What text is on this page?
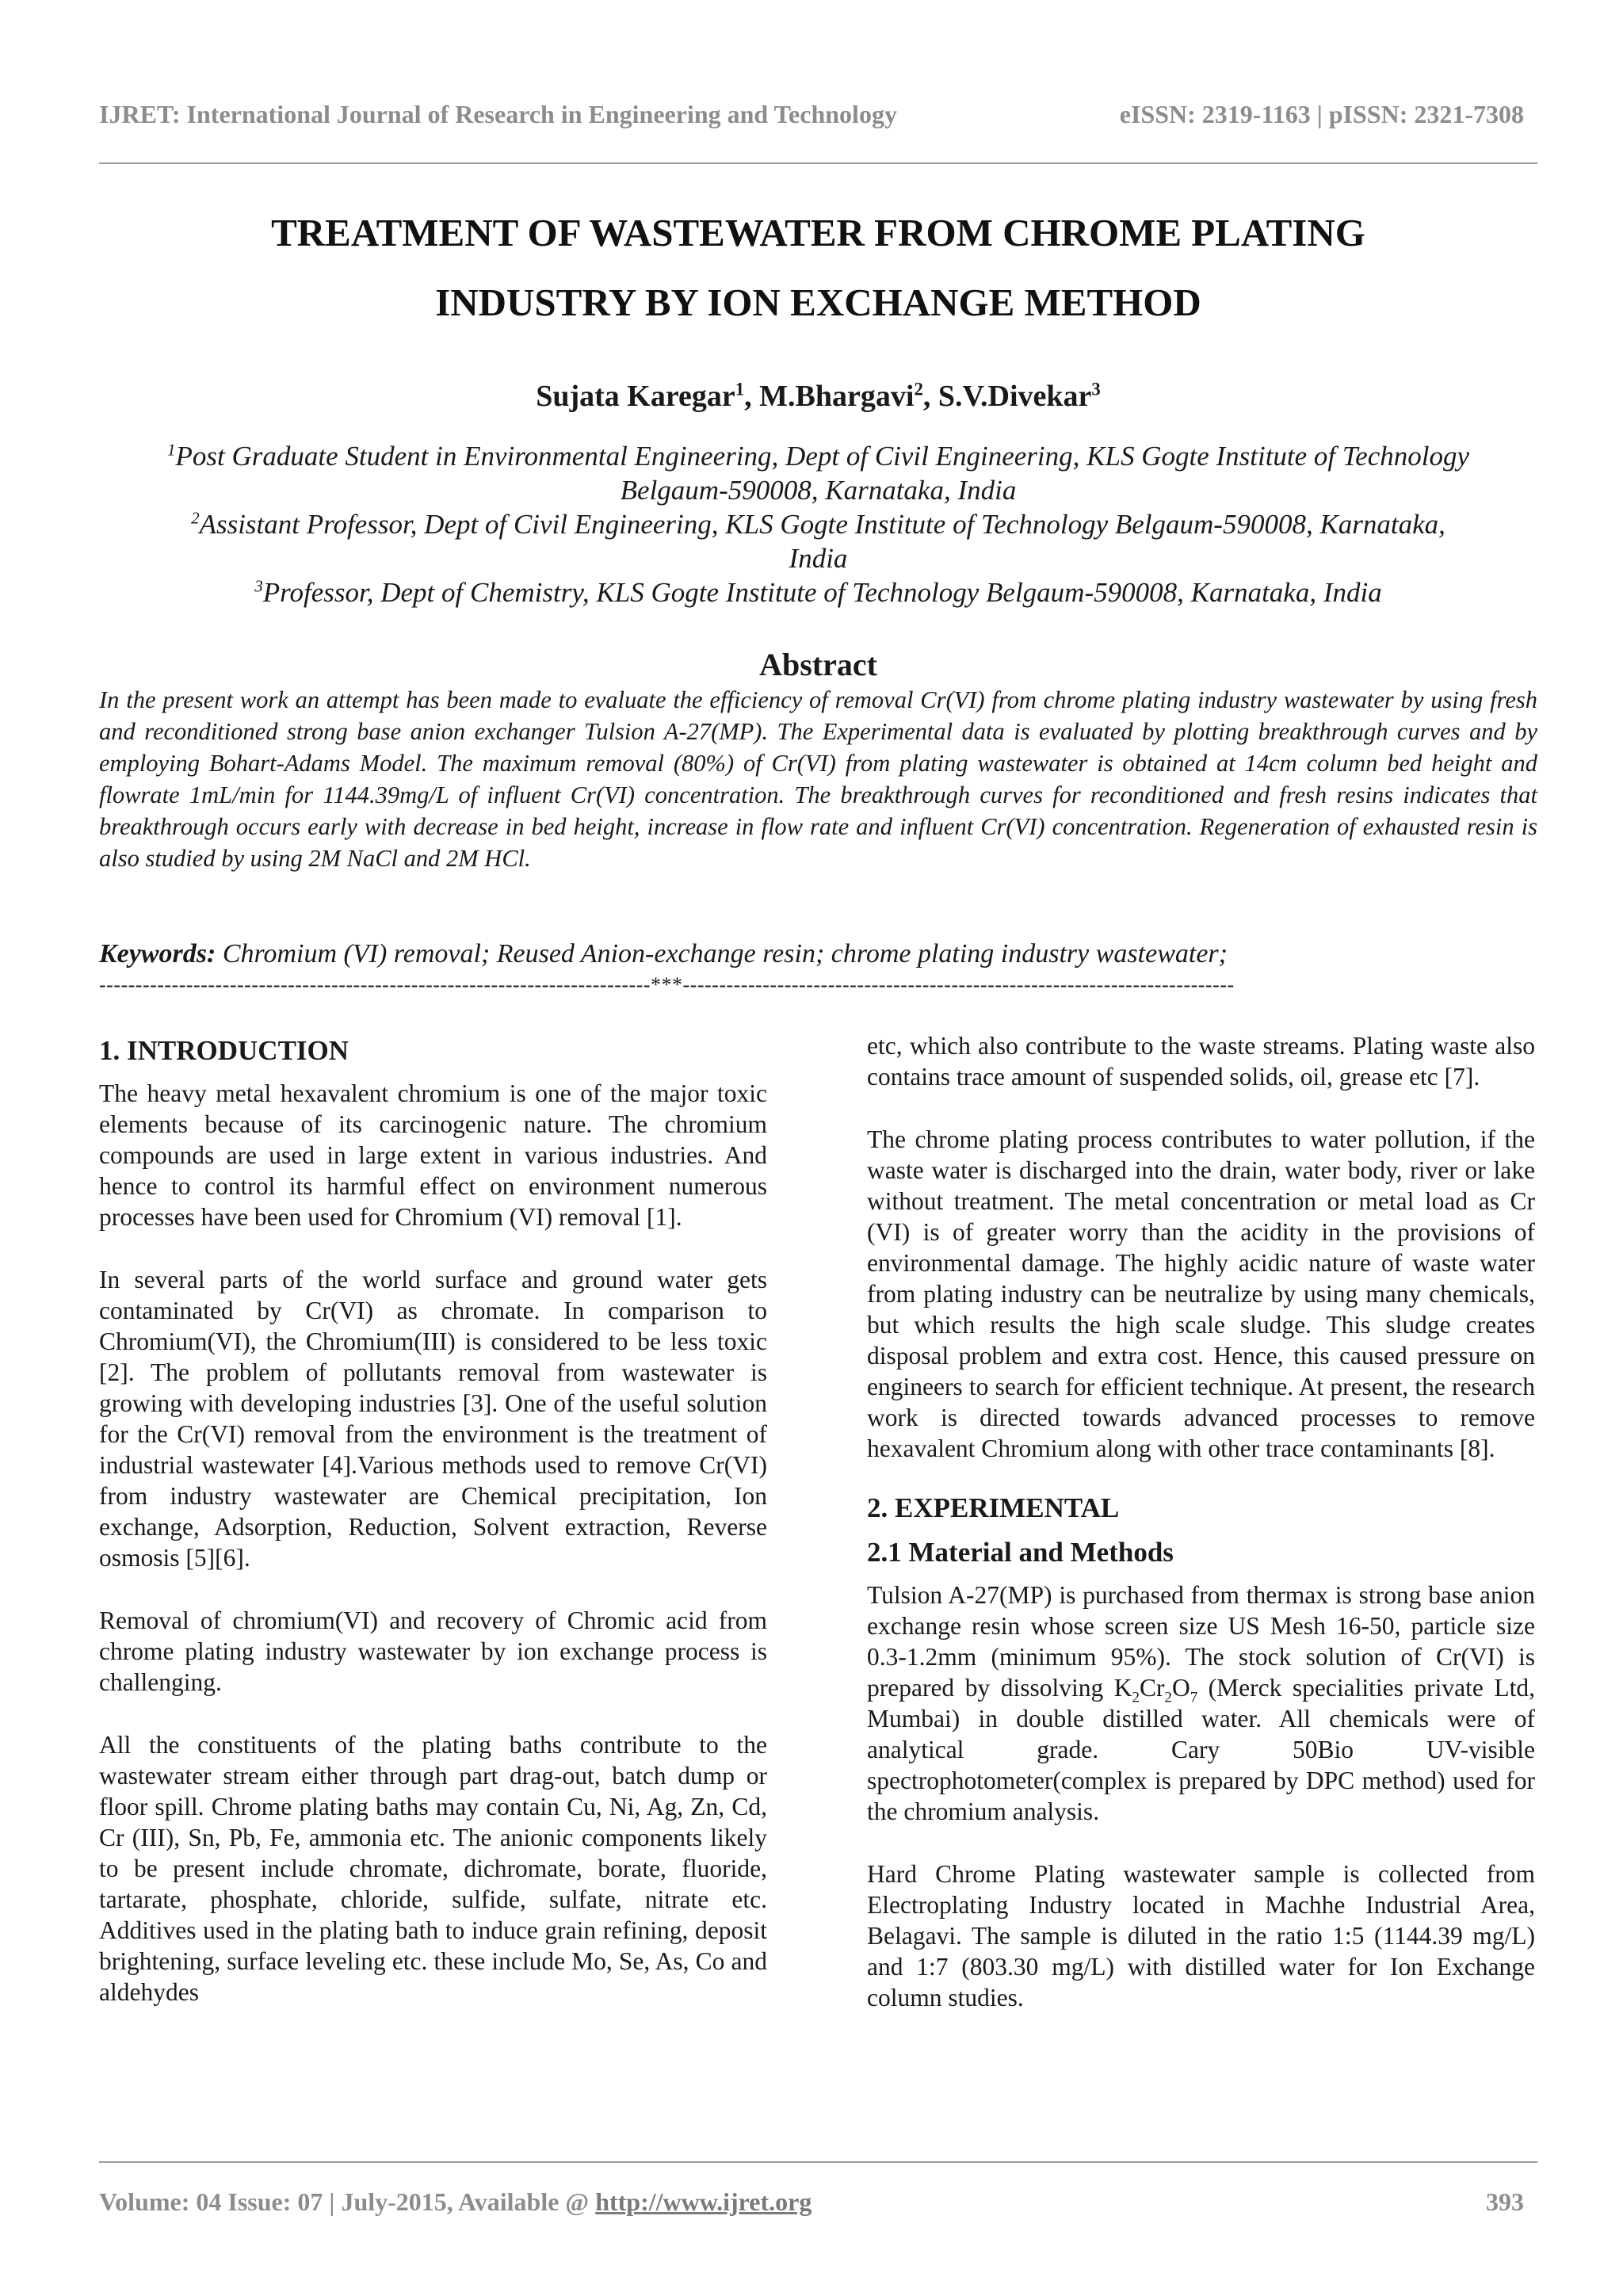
IJRET: International Journal of Research in Engineering and Technology	eISSN: 2319-1163 | pISSN: 2321-7308
TREATMENT OF WASTEWATER FROM CHROME PLATING
INDUSTRY BY ION EXCHANGE METHOD
Sujata Karegar$^1$, M.Bhargavi$^2$, S.V.Divekar$^3$
$^1$Post Graduate Student in Environmental Engineering, Dept of Civil Engineering, KLS Gogte Institute of Technology
Belgaum-590008, Karnataka, India
$^2$Assistant Professor, Dept of Civil Engineering, KLS Gogte Institute of Technology Belgaum-590008, Karnataka,
India
$^3$Professor, Dept of Chemistry, KLS Gogte Institute of Technology Belgaum-590008, Karnataka, India
Abstract
In the present work an attempt has been made to evaluate the efficiency of removal Cr(VI) from chrome plating industry wastewater by using fresh and reconditioned strong base anion exchanger Tulsion A-27(MP). The Experimental data is evaluated by plotting breakthrough curves and by employing Bohart-Adams Model. The maximum removal (80%) of Cr(VI) from plating wastewater is obtained at 14cm column bed height and flowrate 1mL/min for 1144.39mg/L of influent Cr(VI) concentration. The breakthrough curves for reconditioned and fresh resins indicates that breakthrough occurs early with decrease in bed height, increase in flow rate and influent Cr(VI) concentration. Regeneration of exhausted resin is also studied by using 2M NaCl and 2M HCl.
Keywords: Chromium (VI) removal; Reused Anion-exchange resin; chrome plating industry wastewater;
----------------------------------------------------------------------------***----------------------------------------------------------------------------
1. INTRODUCTION

The heavy metal hexavalent chromium is one of the major toxic elements because of its carcinogenic nature. The chromium compounds are used in large extent in various industries. And hence to control its harmful effect on environment numerous processes have been used for Chromium (VI) removal [1].

In several parts of the world surface and ground water gets contaminated by Cr(VI) as chromate. In comparison to Chromium(VI), the Chromium(III) is considered to be less toxic [2]. The problem of pollutants removal from wastewater is growing with developing industries [3]. One of the useful solution for the Cr(VI) removal from the environment is the treatment of industrial wastewater [4].Various methods used to remove Cr(VI) from industry wastewater are Chemical precipitation, Ion exchange, Adsorption, Reduction, Solvent extraction, Reverse osmosis [5][6].

Removal of chromium(VI) and recovery of Chromic acid from chrome plating industry wastewater by ion exchange process is challenging.

All the constituents of the plating baths contribute to the wastewater stream either through part drag-out, batch dump or floor spill. Chrome plating baths may contain Cu, Ni, Ag, Zn, Cd, Cr (III), Sn, Pb, Fe, ammonia etc. The anionic components likely to be present include chromate, dichromate, borate, fluoride, tartarate, phosphate, chloride, sulfide, sulfate, nitrate etc. Additives used in the plating bath to induce grain refining, deposit brightening, surface leveling etc. these include Mo, Se, As, Co and aldehydes

etc, which also contribute to the waste streams. Plating waste also contains trace amount of suspended solids, oil, grease etc [7].

The chrome plating process contributes to water pollution, if the waste water is discharged into the drain, water body, river or lake without treatment. The metal concentration or metal load as Cr (VI) is of greater worry than the acidity in the provisions of environmental damage. The highly acidic nature of waste water from plating industry can be neutralize by using many chemicals, but which results the high scale sludge. This sludge creates disposal problem and extra cost. Hence, this caused pressure on engineers to search for efficient technique. At present, the research work is directed towards advanced processes to remove hexavalent Chromium along with other trace contaminants [8].

2. EXPERIMENTAL
2.1 Material and Methods

Tulsion A-27(MP) is purchased from thermax is strong base anion exchange resin whose screen size US Mesh 16-50, particle size 0.3-1.2mm (minimum 95%). The stock solution of Cr(VI) is prepared by dissolving $K_2Cr_2O_7$ (Merck specialities private Ltd, Mumbai) in double distilled water. All chemicals were of analytical grade. Cary 50Bio UV-visible spectrophotometer(complex is prepared by DPC method) used for the chromium analysis.

Hard Chrome Plating wastewater sample is collected from Electroplating Industry located in Machhe Industrial Area, Belagavi. The sample is diluted in the ratio 1:5 (1144.39 mg/L) and 1:7 (803.30 mg/L) with distilled water for Ion Exchange column studies.

Volume: 04 Issue: 07 | July-2015, Available @ http://www.ijret.org	393
